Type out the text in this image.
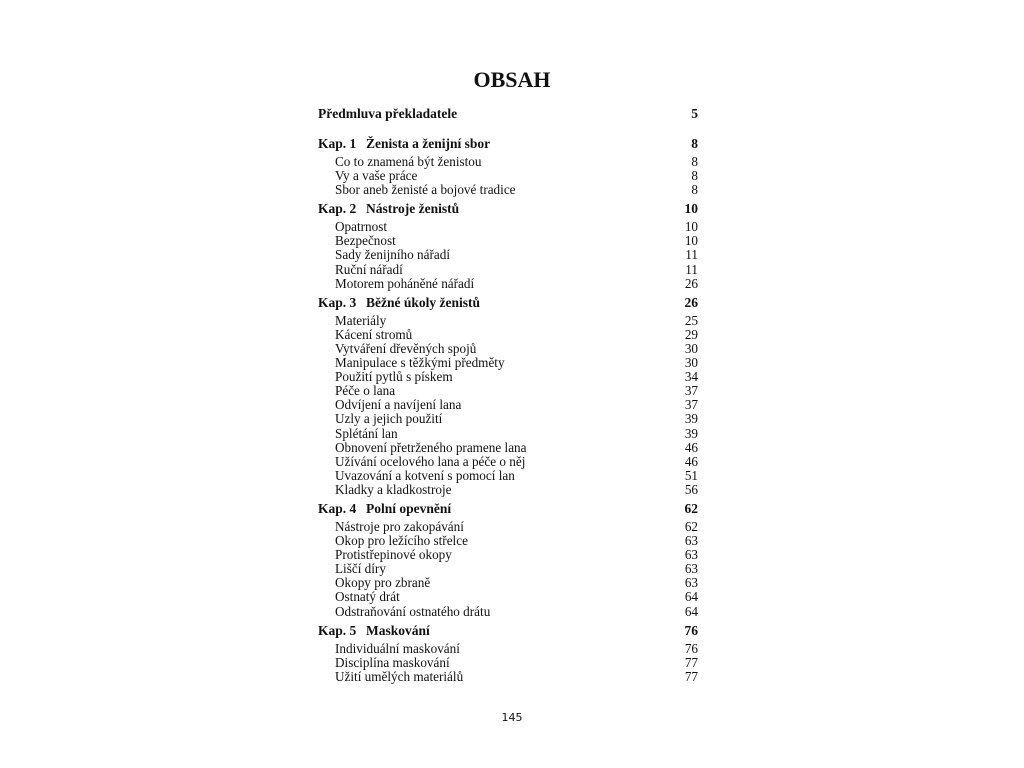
OBSAH
Předmluva překladatele	5
Kap. 1 Ženista a ženijní sbor	8
Co to znamená být ženistou	8
Vy a vaše práce	8
Sbor aneb ženisté a bojové tradice	8
Kap. 2 Nástroje ženistů	10
Opatrnost	10
Bezpečnost	10
Sady ženijního nářadí	11
Ruční nářadí	11
Motorem poháněné nářadí	26
Kap. 3 Běžné úkoly ženistů	26
Materiály	25
Kácení stromů	29
Vytváření dřevěných spojů	30
Manipulace s těžkými předměty	30
Použití pytlů s pískem	34
Péče o lana	37
Odvíjení a navíjení lana	37
Uzly a jejich použití	39
Splétání lan	39
Obnovení přetrženého pramene lana	46
Užívání ocelového lana a péče o něj	46
Uvazování a kotvení s pomocí lan	51
Kladky a kladkostroje	56
Kap. 4 Polní opevnění	62
Nástroje pro zakopávání	62
Okop pro ležícího střelce	63
Protistřepinové okopy	63
Liščí díry	63
Okopy pro zbraně	63
Ostnatý drát	64
Odstraňování ostnatého drátu	64
Kap. 5 Maskování	76
Individuální maskování	76
Disciplína maskování	77
Užití umělých materiálů	77
145
